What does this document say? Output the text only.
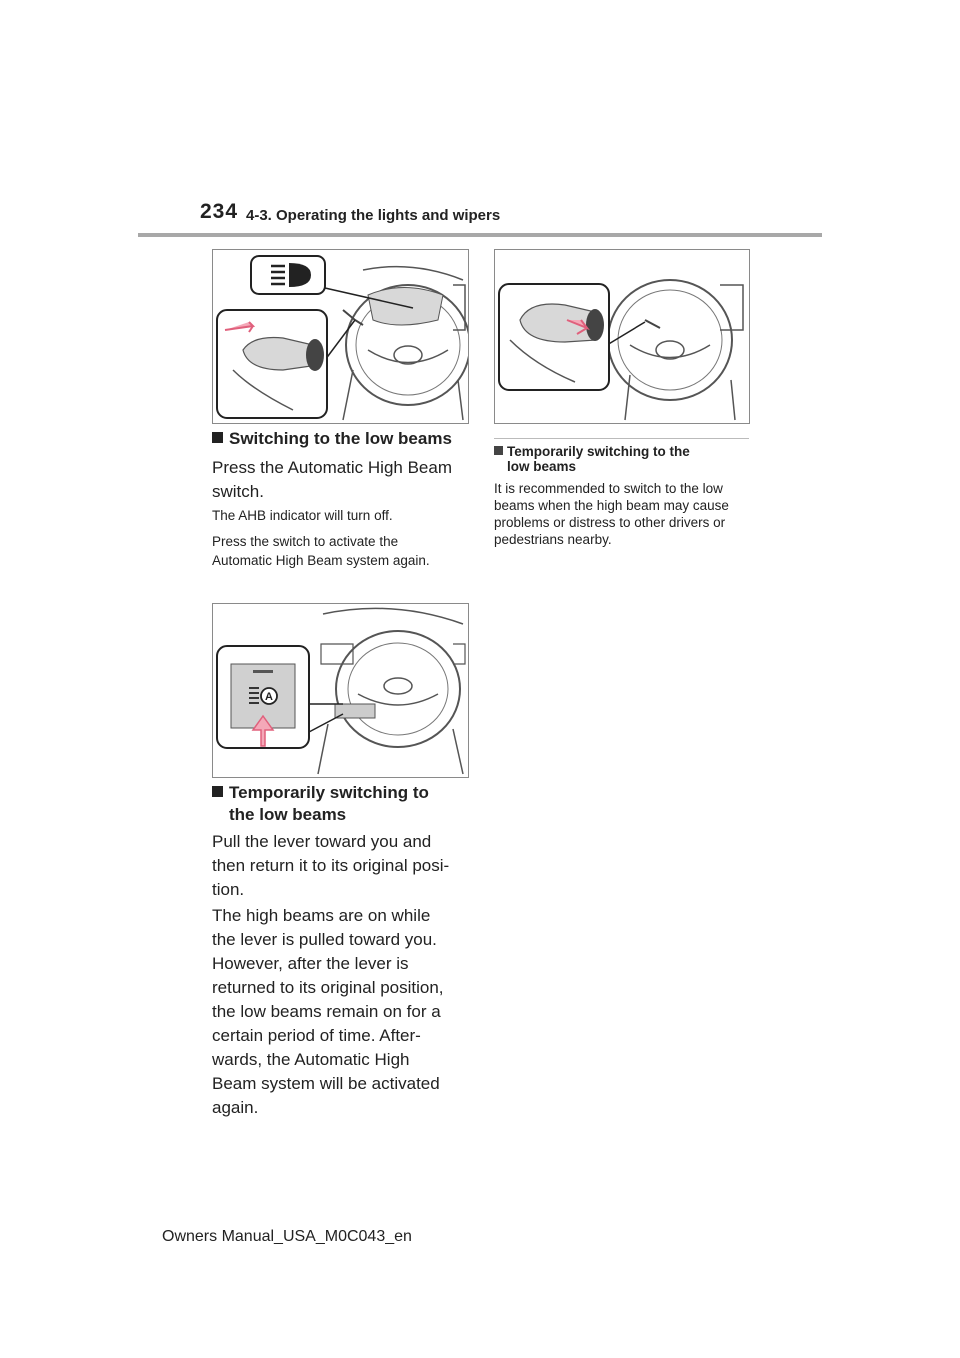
234 4-3. Operating the lights and wipers
Switching to the low beams
Press the Automatic High Beam switch.
The AHB indicator will turn off.
Press the switch to activate the Automatic High Beam system again.
A
Temporarily switching to
the low beams
Pull the lever toward you and then return it to its original posi-tion.
The high beams are on while the lever is pulled toward you. However, after the lever is returned to its original position, the low beams remain on for a certain period of time. After-wards, the Automatic High Beam system will be activated again.
Temporarily switching to the
low beams
It is recommended to switch to the low beams when the high beam may cause problems or distress to other drivers or pedestrians nearby.
Owners Manual_USA_M0C043_en
